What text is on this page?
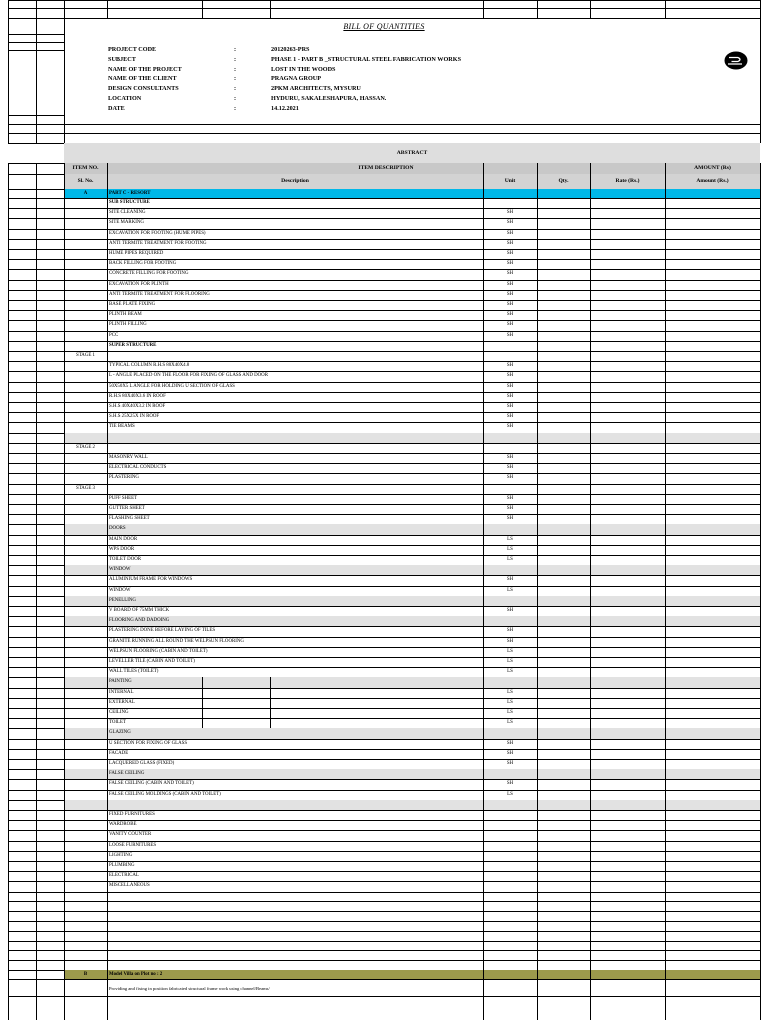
BILL OF QUANTITIES
PROJECT CODE	:	20120263-PRS
SUBJECT	:	PHASE 1 - PART B _STRUCTURAL STEEL FABRICATION WORKS
NAME OF THE PROJECT	:	LOST IN THE WOODS
NAME OF THE CLIENT	:	PRAGNA GROUP
DESIGN CONSULTANTS	:	2PKM ARCHITECTS, MYSURU
LOCATION	:	HYDURU, SAKALESHAPURA, HASSAN.
DATE	:	14.12.2021
ABSTRACT
ITEM NO.	ITEM DESCRIPTION	AMOUNT (Rs)
Sl. No.	Description	Unit	Qty.	Rate (Rs.)	Amount (Rs.)
A	PART C - RESORT
SUB STRUCTURE
SITE CLEANING	SH
SITE MARKING	SH
EXCAVATION FOR FOOTING (HUME PIPES)	SH
ANTI TERMITE TREATMENT FOR FOOTING	SH
HUME PIPES REQUIRED	SH
BACK FILLING FOR FOOTING	SH
CONCRETE FILLING FOR FOOTING	SH
EXCAVATION FOR PLINTH	SH
ANTI TERMITE TREATMENT FOR FLOORING	SH
BASE PLATE FIXING	SH
PLINTH BEAM	SH
PLINTH FILLING	SH
PCC	SH
SUPER STRUCTURE
STAGE 1
TYPICAL COLUMN R.H.S 80X40X4.8	SH
L - ANGLE PLACED ON THE FLOOR FOR FIXING OF GLASS AND DOOR	SH
50X50X5 L ANGLE FOR HOLDING U SECTION OF GLASS	SH
R.H.S 80X40X3.6 IN ROOF	SH
S.H.S 40X40X3.2 IN ROOF	SH
S.H.S 25X25X IN ROOF	SH
TIE BEAMS	SH
STAGE 2
MASONRY WALL	SH
ELECTRICAL CONDUCTS	SH
PLASTERING	SH
STAGE 3
PUFF SHEET	SH
GUTTER SHEET	SH
FLASHING SHEET	SH
DOORS
MAIN DOOR	LS
WPS DOOR	LS
TOILET DOOR	LS
WINDOW
ALUMINIUM FRAME FOR WINDOWS	SH
WINDOW	LS
PENELLING
V BOARD OF 75MM THICK	SH
FLOORING AND DADOING
PLASTERING DONE BEFORE LAYING OF TILES	SH
GRANITE RUNNING ALL ROUND THE WELPSUN FLOORING	SH
WELPSUN FLOORING (CABIN AND TOILET)	LS
LEVELLER TILE (CABIN AND TOILET)	LS
WALL TILES (TOILET)	LS
PAINTING
INTERNAL	LS
EXTERNAL	LS
CEILING	LS
TOILET	LS
GLAZING
U SECTION FOR FIXING OF GLASS	SH
FACADE	SH
LACQUERED GLASS (FIXED)	SH
FALSE CEILING
FALSE CEILING (CABIN AND TOILET)	SH
FALSE CEILING MOLDINGS (CABIN AND TOILET)	LS
FIXED FURNITURES
WARDROBE
VANITY COUNTER
LOOSE FURNITURES
LIGHTING
PLUMBING
ELECTRICAL
MISCELLANEOUS
B	Model Villa on Plot no : 2
Providing and fixing in position fabricated structural frame work using channel/Beams/
